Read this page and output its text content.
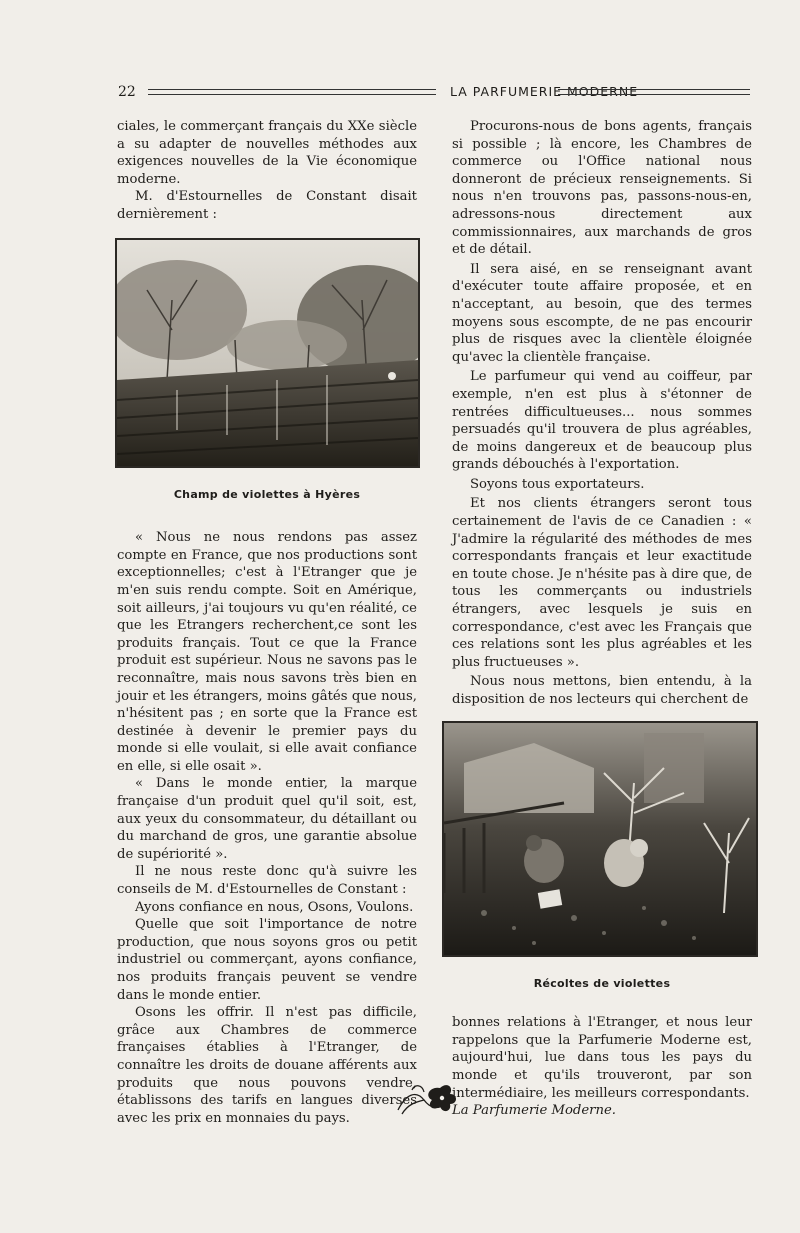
22	LA PARFUMERIE MODERNE

ciales, le commerçant français du XXe siècle a su adapter de nouvelles méthodes aux exigences nouvelles de la Vie économique moderne.

M. d'Estournelles de Constant disait dernièrement :

Champ de violettes à Hyères

« Nous ne nous rendons pas assez compte en France, que nos productions sont exceptionnelles; c'est à l'Etranger que je m'en suis rendu compte. Soit en Amérique, soit ailleurs, j'ai toujours vu qu'en réalité, ce que les Etrangers recherchent,ce sont les produits français. Tout ce que la France produit est supérieur. Nous ne savons pas le reconnaître, mais nous savons très bien en jouir et les étrangers, moins gâtés que nous, n'hésitent pas ; en sorte que la France est destinée à devenir le premier pays du monde si elle voulait, si elle avait confiance en elle, si elle osait ».

« Dans le monde entier, la marque française d'un produit quel qu'il soit, est, aux yeux du consommateur, du détaillant ou du marchand de gros, une garantie absolue de supériorité ».

Il ne nous reste donc qu'à suivre les conseils de M. d'Estournelles de Constant :

Ayons confiance en nous, Osons, Voulons.

Quelle que soit l'importance de notre production, que nous soyons gros ou petit industriel ou commerçant, ayons confiance, nos produits français peuvent se vendre dans le monde entier.

Osons les offrir. Il n'est pas difficile, grâce aux Chambres de commerce françaises établies à l'Etranger, de connaître les droits de douane afférents aux produits que nous pouvons vendre, établissons des tarifs en langues diverses avec les prix en monnaies du pays.

Procurons-nous de bons agents, français si possible ; là encore, les Chambres de commerce ou l'Office national nous donneront de précieux renseignements. Si nous n'en trouvons pas, passons-nous-en, adressons-nous directement aux commissionnaires, aux marchands de gros et de détail.

Il sera aisé, en se renseignant avant d'exécuter toute affaire proposée, et en n'acceptant, au besoin, que des termes moyens sous escompte, de ne pas encourir plus de risques avec la clientèle éloignée qu'avec la clientèle française.

Le parfumeur qui vend au coiffeur, par exemple, n'en est plus à s'étonner de rentrées difficultueuses... nous sommes persuadés qu'il trouvera de plus agréables, de moins dangereux et de beaucoup plus grands débouchés à l'exportation.

Soyons tous exportateurs.

Et nos clients étrangers seront tous certainement de l'avis de ce Canadien : « J'admire la régularité des méthodes de mes correspondants français et leur exactitude en toute chose. Je n'hésite pas à dire que, de tous les commerçants ou industriels étrangers, avec lesquels je suis en correspondance, c'est avec les Français que ces relations sont les plus agréables et les plus fructueuses ».

Nous nous mettons, bien entendu, à la disposition de nos lecteurs qui cherchent de

Récoltes de violettes

bonnes relations à l'Etranger, et nous leur rappelons que la Parfumerie Moderne est, aujourd'hui, lue dans tous les pays du monde et qu'ils trouveront, par son intermédiaire, les meilleurs correspondants.

La Parfumerie Moderne.
